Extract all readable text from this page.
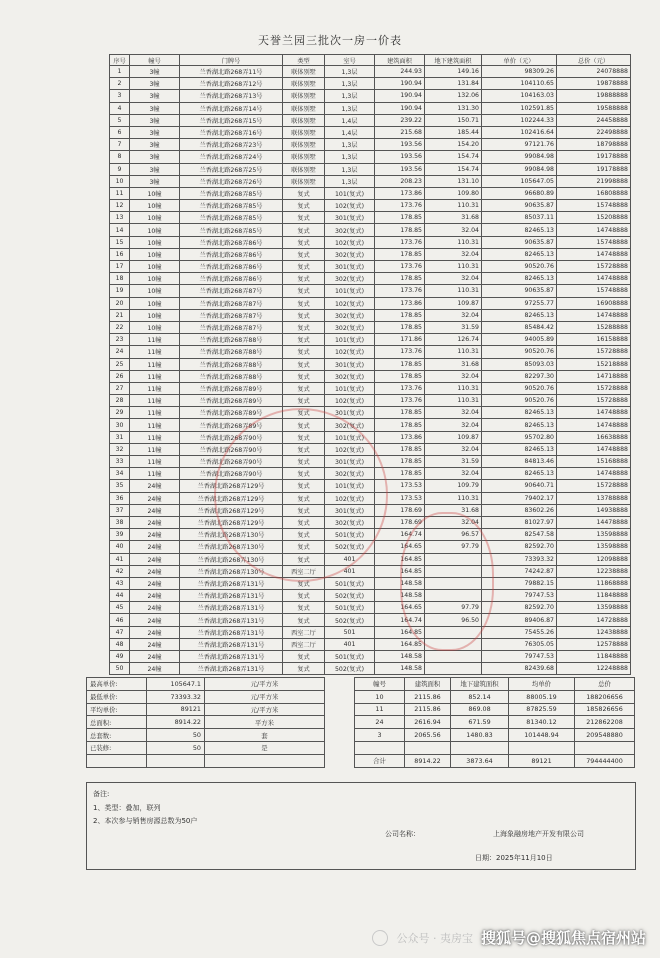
天誉兰园三批次一房一价表
序号	幢号	门牌号	类型	室号	建筑面积	地下建筑面积	单价（元）	总价（元）
1	3幢	兰香湖北路268弄11号	联体别墅	1,3层	244.93	149.16	98309.26	24078888
2	3幢	兰香湖北路268弄12号	联体别墅	1,3层	190.94	131.84	104110.65	19878888
3	3幢	兰香湖北路268弄13号	联体别墅	1,3层	190.94	132.06	104163.03	19888888
4	3幢	兰香湖北路268弄14号	联体别墅	1,3层	190.94	131.30	102591.85	19588888
5	3幢	兰香湖北路268弄15号	联体别墅	1,4层	239.22	150.71	102244.33	24458888
6	3幢	兰香湖北路268弄16号	联体别墅	1,4层	215.68	185.44	102416.64	22498888
7	3幢	兰香湖北路268弄23号	联体别墅	1,3层	193.56	154.20	97121.76	18798888
8	3幢	兰香湖北路268弄24号	联体别墅	1,3层	193.56	154.74	99084.98	19178888
9	3幢	兰香湖北路268弄25号	联体别墅	1,3层	193.56	154.74	99084.98	19178888
10	3幢	兰香湖北路268弄26号	联体别墅	1,3层	208.23	131.10	105647.05	21998888
11	10幢	兰香湖北路268弄85号	复式	101(复式)	173.86	109.80	96680.89	16808888
12	10幢	兰香湖北路268弄85号	复式	102(复式)	173.76	110.31	90635.87	15748888
13	10幢	兰香湖北路268弄85号	复式	301(复式)	178.85	31.68	85037.11	15208888
14	10幢	兰香湖北路268弄85号	复式	302(复式)	178.85	32.04	82465.13	14748888
15	10幢	兰香湖北路268弄86号	复式	102(复式)	173.76	110.31	90635.87	15748888
16	10幢	兰香湖北路268弄86号	复式	302(复式)	178.85	32.04	82465.13	14748888
17	10幢	兰香湖北路268弄86号	复式	301(复式)	173.76	110.31	90520.76	15728888
18	10幢	兰香湖北路268弄86号	复式	302(复式)	178.85	32.04	82465.13	14748888
19	10幢	兰香湖北路268弄87号	复式	101(复式)	173.76	110.31	90635.87	15748888
20	10幢	兰香湖北路268弄87号	复式	102(复式)	173.86	109.87	97255.77	16908888
21	10幢	兰香湖北路268弄87号	复式	302(复式)	178.85	32.04	82465.13	14748888
22	10幢	兰香湖北路268弄87号	复式	302(复式)	178.85	31.59	85484.42	15288888
23	11幢	兰香湖北路268弄88号	复式	101(复式)	171.86	126.74	94005.89	16158888
24	11幢	兰香湖北路268弄88号	复式	102(复式)	173.76	110.31	90520.76	15728888
25	11幢	兰香湖北路268弄88号	复式	301(复式)	178.85	31.68	85093.03	15218888
26	11幢	兰香湖北路268弄88号	复式	302(复式)	178.85	32.04	82297.30	14718888
27	11幢	兰香湖北路268弄89号	复式	101(复式)	173.76	110.31	90520.76	15728888
28	11幢	兰香湖北路268弄89号	复式	102(复式)	173.76	110.31	90520.76	15728888
29	11幢	兰香湖北路268弄89号	复式	301(复式)	178.85	32.04	82465.13	14748888
30	11幢	兰香湖北路268弄89号	复式	302(复式)	178.85	32.04	82465.13	14748888
31	11幢	兰香湖北路268弄90号	复式	101(复式)	173.86	109.87	95702.80	16638888
32	11幢	兰香湖北路268弄90号	复式	102(复式)	178.85	32.04	82465.13	14748888
33	11幢	兰香湖北路268弄90号	复式	301(复式)	178.85	31.59	84813.46	15168888
34	11幢	兰香湖北路268弄90号	复式	302(复式)	178.85	32.04	82465.13	14748888
35	24幢	兰香湖北路268弄129号	复式	101(复式)	173.53	109.79	90640.71	15728888
36	24幢	兰香湖北路268弄129号	复式	102(复式)	173.53	110.31	79402.17	13788888
37	24幢	兰香湖北路268弄129号	复式	301(复式)	178.69	31.68	83602.26	14938888
38	24幢	兰香湖北路268弄129号	复式	302(复式)	178.69	32.04	81027.97	14478888
39	24幢	兰香湖北路268弄130号	复式	501(复式)	164.74	96.57	82547.58	13598888
40	24幢	兰香湖北路268弄130号	复式	502(复式)	164.65	97.79	82592.70	13598888
41	24幢	兰香湖北路268弄130号	复式	401	164.85		73393.32	12098888
42	24幢	兰香湖北路268弄130号	西室二厅	401	164.85		74242.87	12238888
43	24幢	兰香湖北路268弄131号	复式	501(复式)	148.58		79882.15	11868888
44	24幢	兰香湖北路268弄131号	复式	502(复式)	148.58		79747.53	11848888
45	24幢	兰香湖北路268弄131号	复式	501(复式)	164.65	97.79	82592.70	13598888
46	24幢	兰香湖北路268弄131号	复式	502(复式)	164.74	96.50	89406.87	14728888
47	24幢	兰香湖北路268弄131号	西室二厅	501	164.85		75455.26	12438888
48	24幢	兰香湖北路268弄131号	西室二厅	401	164.85		76305.05	12578888
49	24幢	兰香湖北路268弄131号	复式	501(复式)	148.58		79747.53	11848888
50	24幢	兰香湖北路268弄131号	复式	502(复式)	148.58		82439.68	12248888
最高单价:	105647.1	元/平方米		幢号	建筑面积	地下建筑面积	均单价	总价
最低单价:	73393.32	元/平方米		10	2115.86	852.14	88005.19	188206656
平均单价:	89121	元/平方米		11	2115.86	869.08	87825.59	185826656
总面积:	8914.22	平方米		24	2616.94	671.59	81340.12	212862208
总套数:	50	套		3	2065.56	1480.83	101448.94	209548880
已装修:	50	是						
				合计	8914.22	3873.64	89121	794444400
备注:
1、类型：叠加，联列
2、本次参与销售房源总数为50户
公司名称：	上海象融房地产开发有限公司
日期：2025年11月10日
公众号 · 夷房宝 搜狐号@搜狐焦点宿州站
